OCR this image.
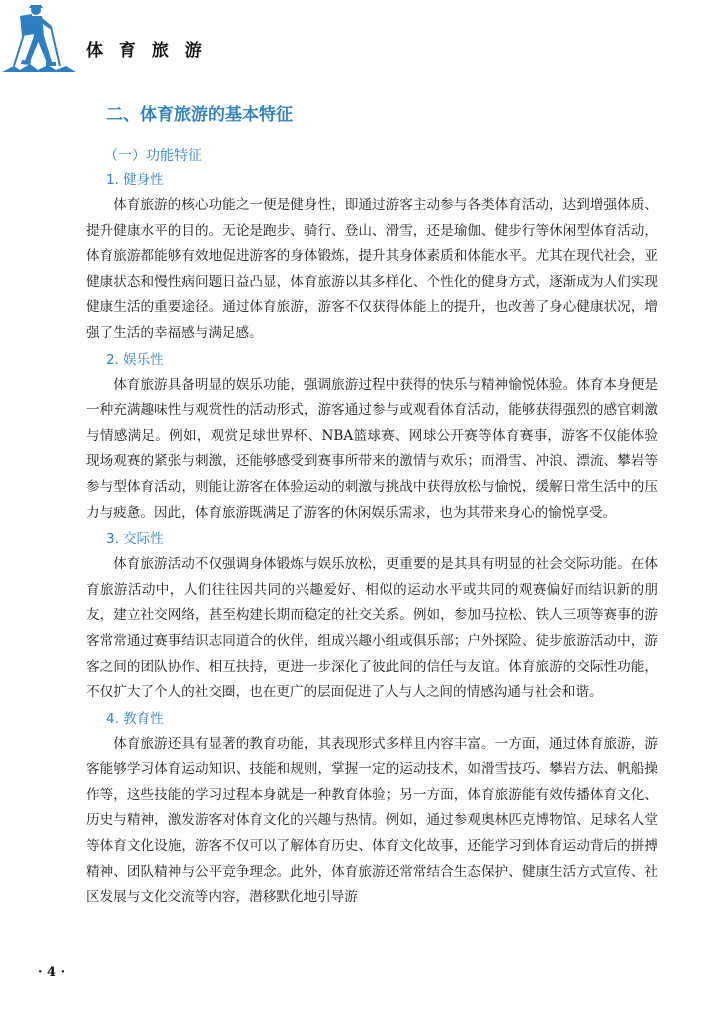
体 育 旅 游
二、体育旅游的基本特征
（一）功能特征
1. 健身性

体育旅游的核心功能之一便是健身性，即通过游客主动参与各类体育活动，达到增强体质、提升健康水平的目的。无论是跑步、骑行、登山、滑雪，还是瑜伽、健步行等休闲型体育活动，体育旅游都能够有效地促进游客的身体锻炼，提升其身体素质和体能水平。尤其在现代社会，亚健康状态和慢性病问题日益凸显，体育旅游以其多样化、个性化的健身方式，逐渐成为人们实现健康生活的重要途径。通过体育旅游，游客不仅获得体能上的提升，也改善了身心健康状况，增强了生活的幸福感与满足感。

2. 娱乐性

体育旅游具备明显的娱乐功能，强调旅游过程中获得的快乐与精神愉悦体验。体育本身便是一种充满趣味性与观赏性的活动形式，游客通过参与或观看体育活动，能够获得强烈的感官刺激与情感满足。例如，观赏足球世界杯、NBA篮球赛、网球公开赛等体育赛事，游客不仅能体验现场观赛的紧张与刺激，还能够感受到赛事所带来的激情与欢乐；而滑雪、冲浪、漂流、攀岩等参与型体育活动，则能让游客在体验运动的刺激与挑战中获得放松与愉悦，缓解日常生活中的压力与疲惫。因此，体育旅游既满足了游客的休闲娱乐需求，也为其带来身心的愉悦享受。

3. 交际性

体育旅游活动不仅强调身体锻炼与娱乐放松，更重要的是其具有明显的社会交际功能。在体育旅游活动中，人们往往因共同的兴趣爱好、相似的运动水平或共同的观赛偏好而结识新的朋友，建立社交网络，甚至构建长期而稳定的社交关系。例如，参加马拉松、铁人三项等赛事的游客常常通过赛事结识志同道合的伙伴，组成兴趣小组或俱乐部；户外探险、徒步旅游活动中，游客之间的团队协作、相互扶持，更进一步深化了彼此间的信任与友谊。体育旅游的交际性功能，不仅扩大了个人的社交圈，也在更广的层面促进了人与人之间的情感沟通与社会和谐。

4. 教育性

体育旅游还具有显著的教育功能，其表现形式多样且内容丰富。一方面，通过体育旅游，游客能够学习体育运动知识、技能和规则，掌握一定的运动技术，如滑雪技巧、攀岩方法、帆船操作等，这些技能的学习过程本身就是一种教育体验；另一方面，体育旅游能有效传播体育文化、历史与精神，激发游客对体育文化的兴趣与热情。例如，通过参观奥林匹克博物馆、足球名人堂等体育文化设施，游客不仅可以了解体育历史、体育文化故事，还能学习到体育运动背后的拼搏精神、团队精神与公平竞争理念。此外，体育旅游还常常结合生态保护、健康生活方式宣传、社区发展与文化交流等内容，潜移默化地引导游

· 4 ·
